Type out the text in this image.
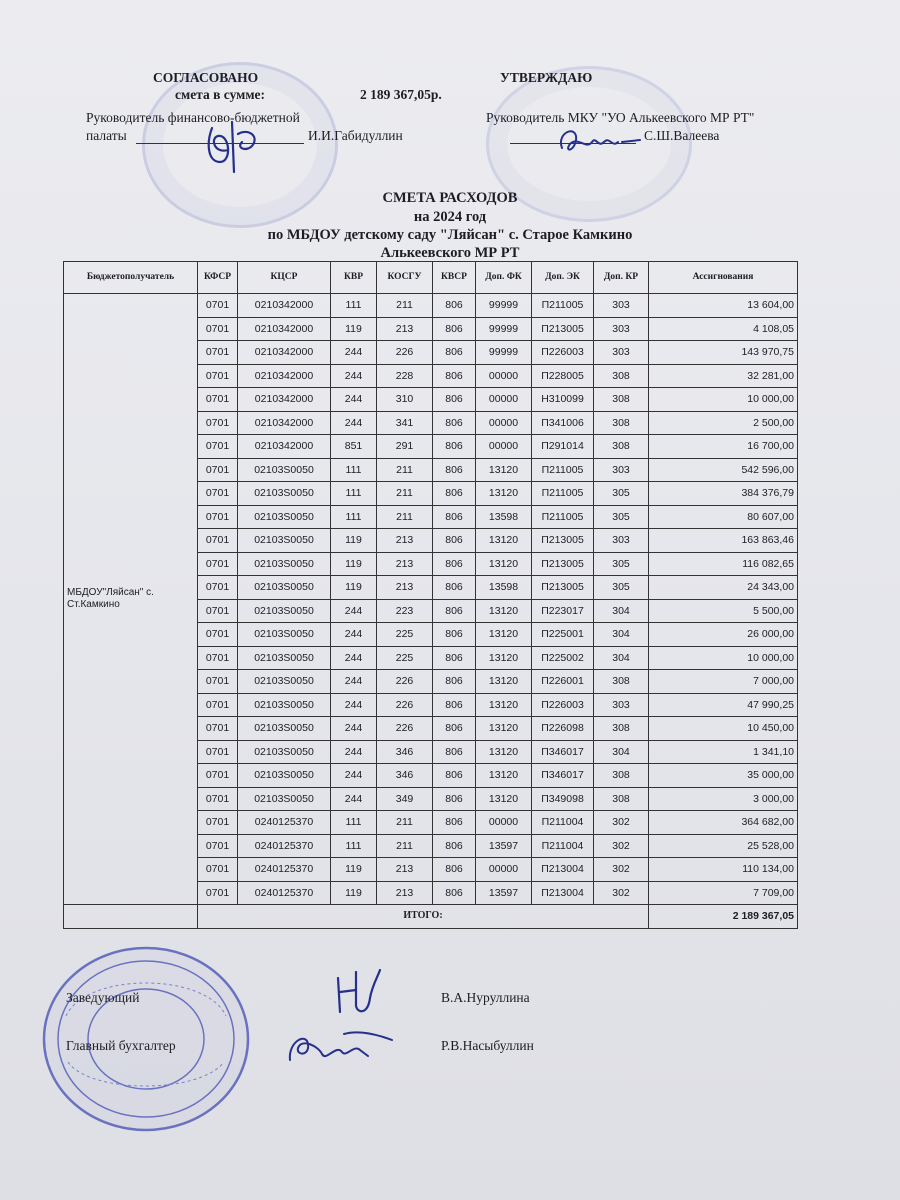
СОГЛАСОВАНО
смета в сумме:	2 189 367,05р.
Руководитель финансово-бюджетной
палаты	И.И.Габидуллин
УТВЕРЖДАЮ
Руководитель МКУ "УО Алькеевского МР РТ"
С.Ш.Валеева
СМЕТА РАСХОДОВ
на 2024 год
по МБДОУ детскому саду "Ляйсан" с. Старое Камкино
Алькеевского МР РТ
Бюджетополучатель	КФСР	КЦСР	КВР	КОСГУ	КВСР	Доп. ФК	Доп. ЭК	Доп. КР	Ассигнования
МБДОУ"Ляйсан" с. Ст.Камкино	0701	0210342000	111	211	806	99999	П211005	303	13 604,00
	0701	0210342000	119	213	806	99999	П213005	303	4 108,05
	0701	0210342000	244	226	806	99999	П226003	303	143 970,75
	0701	0210342000	244	228	806	00000	П228005	308	32 281,00
	0701	0210342000	244	310	806	00000	Н310099	308	10 000,00
	0701	0210342000	244	341	806	00000	П341006	308	2 500,00
	0701	0210342000	851	291	806	00000	П291014	308	16 700,00
	0701	02103S0050	111	211	806	13120	П211005	303	542 596,00
	0701	02103S0050	111	211	806	13120	П211005	305	384 376,79
	0701	02103S0050	111	211	806	13598	П211005	305	80 607,00
	0701	02103S0050	119	213	806	13120	П213005	303	163 863,46
	0701	02103S0050	119	213	806	13120	П213005	305	116 082,65
	0701	02103S0050	119	213	806	13598	П213005	305	24 343,00
	0701	02103S0050	244	223	806	13120	П223017	304	5 500,00
	0701	02103S0050	244	225	806	13120	П225001	304	26 000,00
	0701	02103S0050	244	225	806	13120	П225002	304	10 000,00
	0701	02103S0050	244	226	806	13120	П226001	308	7 000,00
	0701	02103S0050	244	226	806	13120	П226003	303	47 990,25
	0701	02103S0050	244	226	806	13120	П226098	308	10 450,00
	0701	02103S0050	244	346	806	13120	П346017	304	1 341,10
	0701	02103S0050	244	346	806	13120	П346017	308	35 000,00
	0701	02103S0050	244	349	806	13120	П349098	308	3 000,00
	0701	0240125370	111	211	806	00000	П211004	302	364 682,00
	0701	0240125370	111	211	806	13597	П211004	302	25 528,00
	0701	0240125370	119	213	806	00000	П213004	302	110 134,00
	0701	0240125370	119	213	806	13597	П213004	302	7 709,00
	ИТОГО:								2 189 367,05
Заведующий	В.А.Нуруллина
Главный бухгалтер	Р.В.Насыбуллин
